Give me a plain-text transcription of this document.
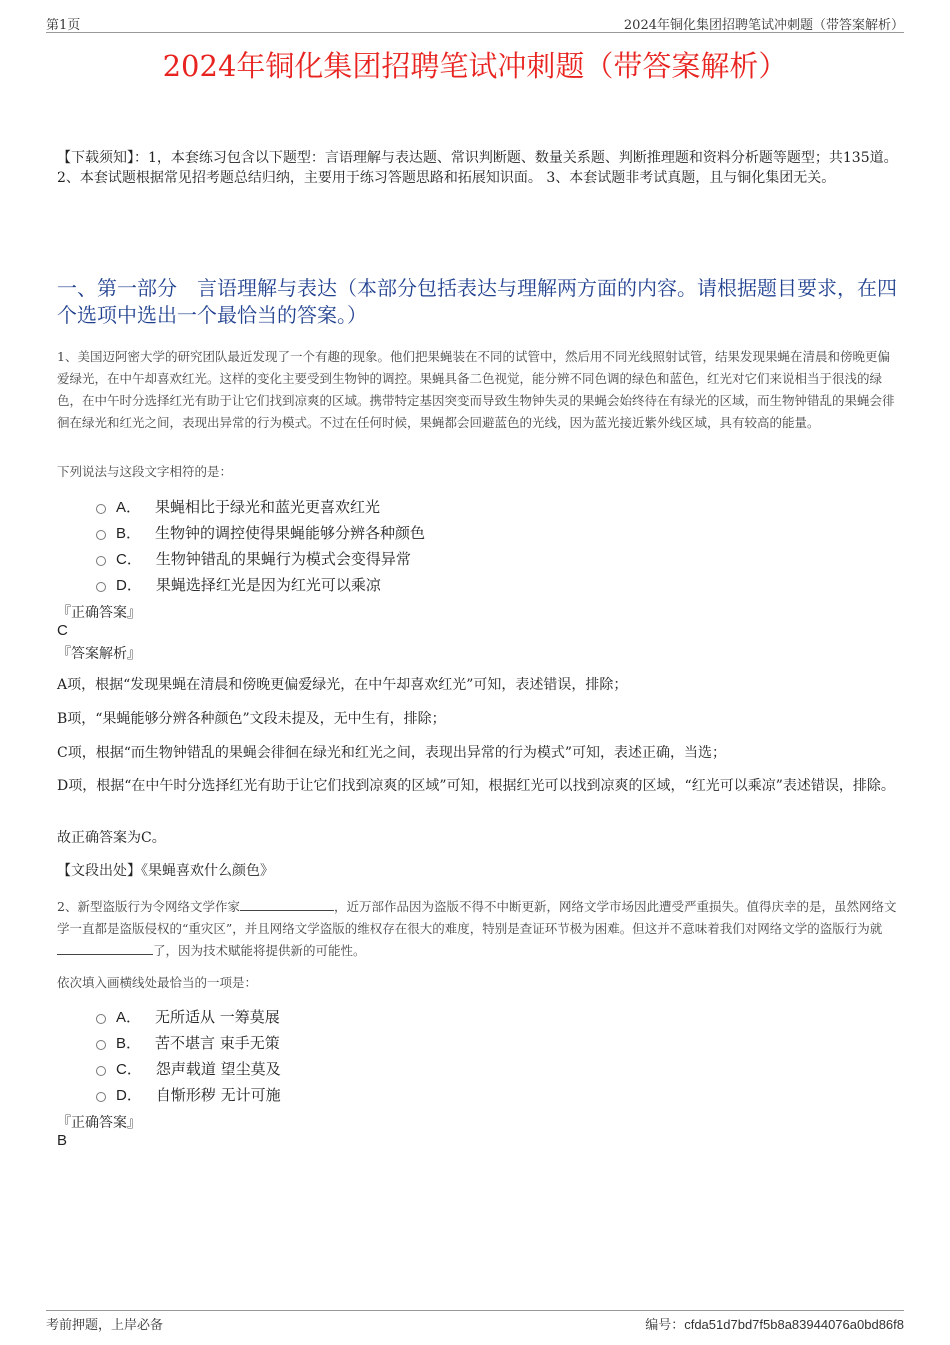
第1页	2024年铜化集团招聘笔试冲刺题（带答案解析）
2024年铜化集团招聘笔试冲刺题（带答案解析）
【下载须知】：1，本套练习包含以下题型：言语理解与表达题、常识判断题、数量关系题、判断推理题和资料分析题等题型；共135道。 2、本套试题根据常见招考题总结归纳，主要用于练习答题思路和拓展知识面。 3、本套试题非考试真题，且与铜化集团无关。
一、第一部分　言语理解与表达（本部分包括表达与理解两方面的内容。请根据题目要求，在四个选项中选出一个最恰当的答案。）
1、美国迈阿密大学的研究团队最近发现了一个有趣的现象。他们把果蝇装在不同的试管中，然后用不同光线照射试管，结果发现果蝇在清晨和傍晚更偏爱绿光，在中午却喜欢红光。这样的变化主要受到生物钟的调控。果蝇具备二色视觉，能分辨不同色调的绿色和蓝色，红光对它们来说相当于很浅的绿色，在中午时分选择红光有助于让它们找到凉爽的区域。携带特定基因突变而导致生物钟失灵的果蝇会始终待在有绿光的区域，而生物钟错乱的果蝇会徘徊在绿光和红光之间，表现出异常的行为模式。不过在任何时候，果蝇都会回避蓝色的光线，因为蓝光接近紫外线区域，具有较高的能量。
下列说法与这段文字相符的是：
A． 果蝇相比于绿光和蓝光更喜欢红光
B． 生物钟的调控使得果蝇能够分辨各种颜色
C． 生物钟错乱的果蝇行为模式会变得异常
D． 果蝇选择红光是因为红光可以乘凉
『正确答案』
C
『答案解析』
A项，根据“发现果蝇在清晨和傍晚更偏爱绿光，在中午却喜欢红光”可知，表述错误，排除；
B项，“果蝇能够分辨各种颜色”文段未提及，无中生有，排除；
C项，根据“而生物钟错乱的果蝇会徘徊在绿光和红光之间，表现出异常的行为模式”可知，表述正确，当选；
D项，根据“在中午时分选择红光有助于让它们找到凉爽的区域”可知，根据红光可以找到凉爽的区域，“红光可以乘凉”表述错误，排除。
故正确答案为C。
【文段出处】《果蝇喜欢什么颜色》
2、新型盗版行为令网络文学作家	，近万部作品因为盗版不得不中断更新，网络文学市场因此遭受严重损失。值得庆幸的是，虽然网络文学一直都是盗版侵权的“重灾区”，并且网络文学盗版的维权存在很大的难度，特别是查证环节极为困难。但这并不意味着我们对网络文学的盗版行为就了，因为技术赋能将提供新的可能性。
依次填入画横线处最恰当的一项是：
A． 无所适从 一筹莫展
B． 苦不堪言 束手无策
C． 怨声载道 望尘莫及
D． 自惭形秽 无计可施
『正确答案』
B
考前押题，上岸必备	编号：cfda51d7bd7f5b8a83944076a0bd86f8
